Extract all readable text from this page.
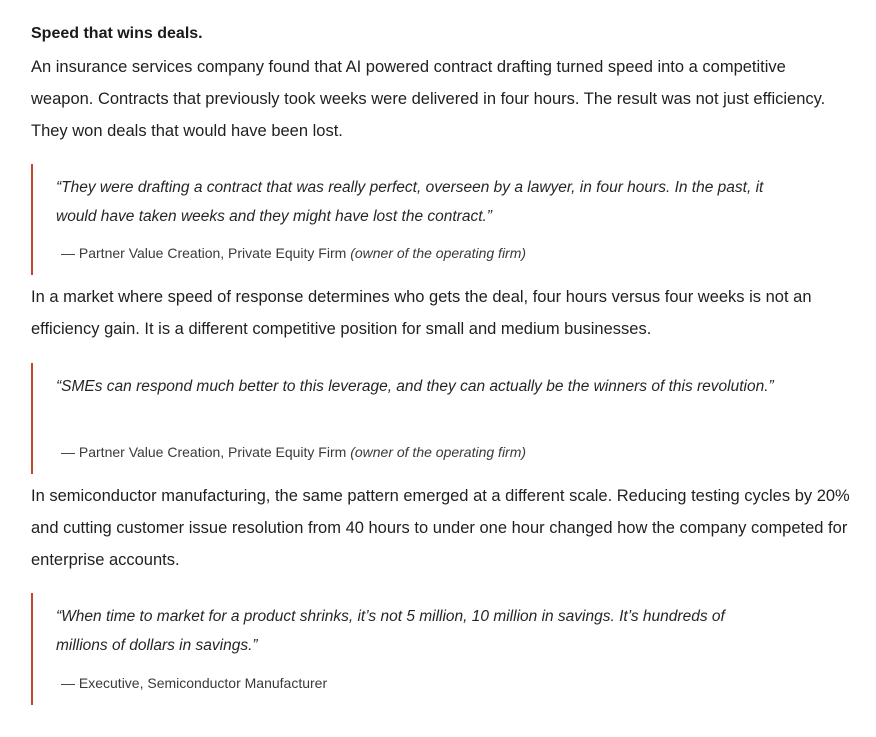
Speed that wins deals.

An insurance services company found that AI powered contract drafting turned speed into a competitive weapon. Contracts that previously took weeks were delivered in four hours. The result was not just efficiency. They won deals that would have been lost.

“They were drafting a contract that was really perfect, overseen by a lawyer, in four hours. In the past, it would have taken weeks and they might have lost the contract.”

— Partner Value Creation, Private Equity Firm (owner of the operating firm)

In a market where speed of response determines who gets the deal, four hours versus four weeks is not an efficiency gain. It is a different competitive position for small and medium businesses.

“SMEs can respond much better to this leverage, and they can actually be the winners of this revolution.”

— Partner Value Creation, Private Equity Firm (owner of the operating firm)

In semiconductor manufacturing, the same pattern emerged at a different scale. Reducing testing cycles by 20% and cutting customer issue resolution from 40 hours to under one hour changed how the company competed for enterprise accounts.

“When time to market for a product shrinks, it’s not 5 million, 10 million in savings. It’s hundreds of millions of dollars in savings.”

— Executive, Semiconductor Manufacturer
